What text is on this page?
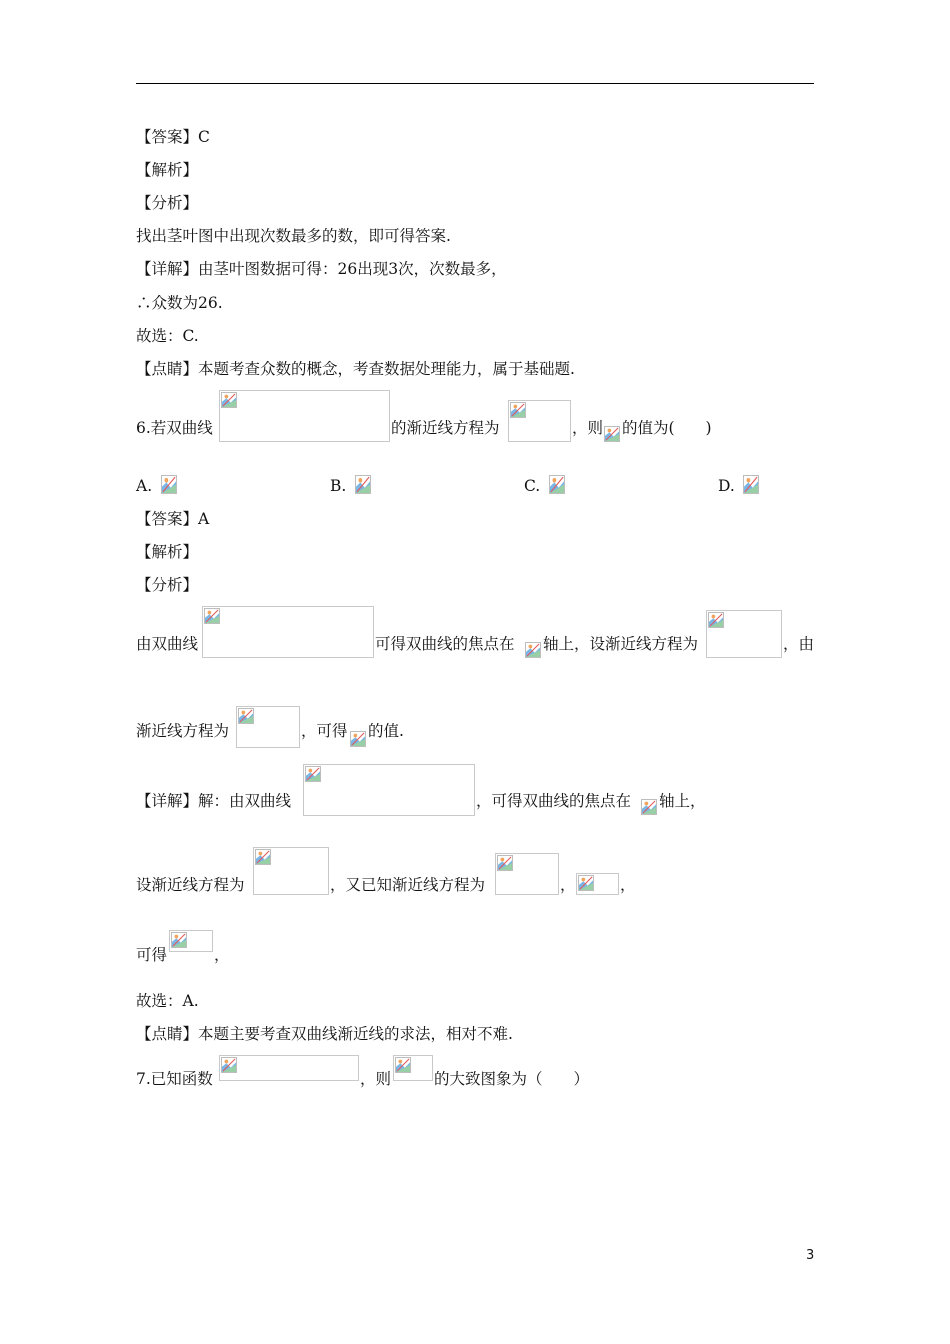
【答案】C
【解析】
【分析】
找出茎叶图中出现次数最多的数，即可得答案.
【详解】由茎叶图数据可得：26出现3次，次数最多，
∴众数为26.
故选：C.
【点睛】本题考查众数的概念，考查数据处理能力，属于基础题.
6.若双曲线	的渐近线方程为	，则 的值为(　　)
A.	B.	C.	D.
【答案】A
【解析】
【分析】
由双曲线	可得双曲线的焦点在 轴上，设渐近线方程为	，由
渐近线方程为	，可得 的值.
【详解】解：由双曲线	，可得双曲线的焦点在 轴上，
设渐近线方程为	，又已知渐近线方程为	，	，
可得	，
故选：A.
【点睛】本题主要考查双曲线渐近线的求法，相对不难.
7.已知函数	，则	的大致图象为（　　）
3
